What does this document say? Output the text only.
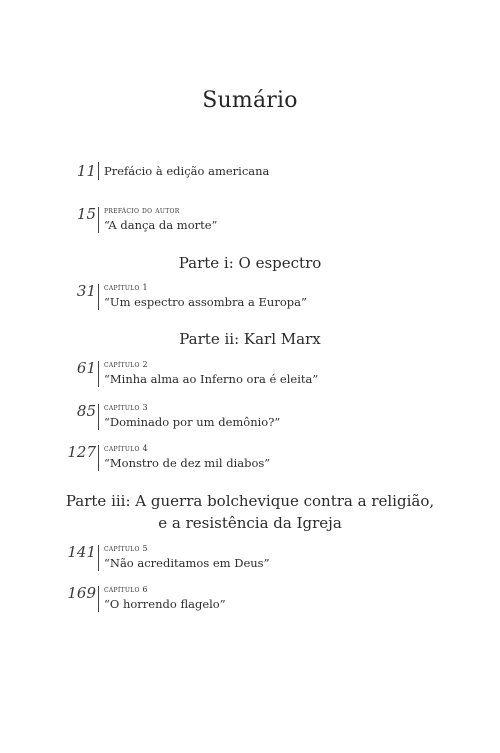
Sumário
11 Prefácio à edição americana
15 prefácio do autor
“A dança da morte”
Parte i: O espectro
31 capítulo 1
“Um espectro assombra a Europa”
Parte ii: Karl Marx
61 capítulo 2
“Minha alma ao Inferno ora é eleita”
85 capítulo 3
“Dominado por um demônio?”
127 capítulo 4
“Monstro de dez mil diabos”
Parte iii: A guerra bolchevique contra a religião,
e a resistência da Igreja
141 capítulo 5
“Não acreditamos em Deus”
169 capítulo 6
“O horrendo flagelo”
